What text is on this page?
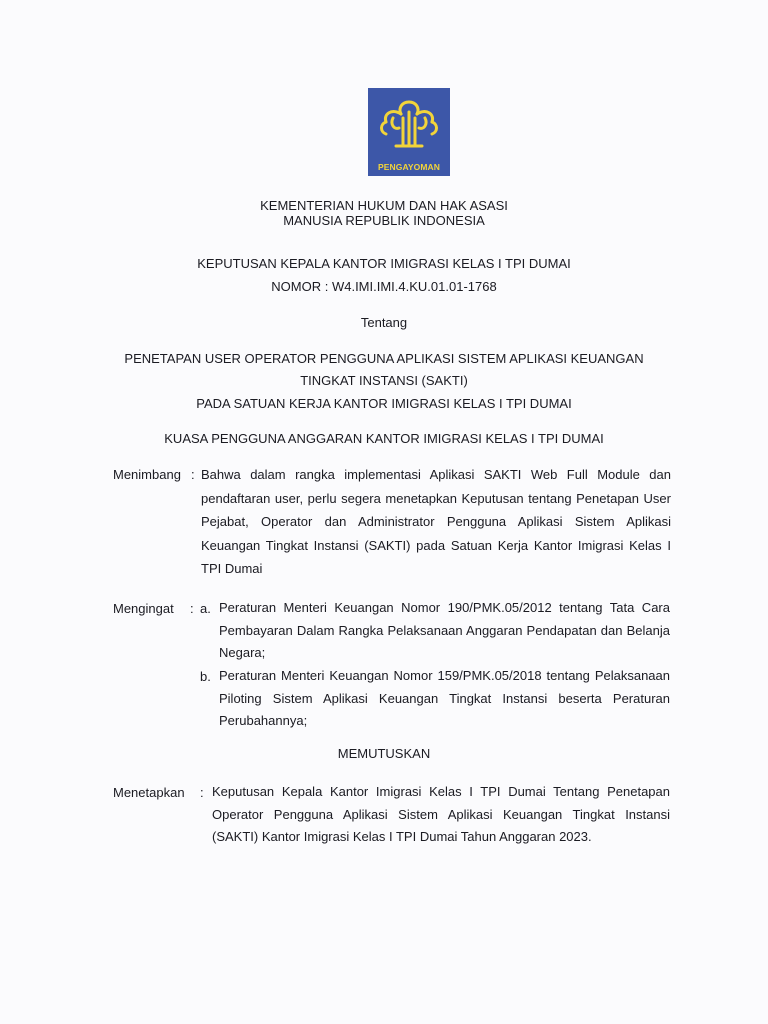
PENGAYOMAN
KEMENTERIAN HUKUM DAN HAK ASASI
MANUSIA REPUBLIK INDONESIA
KEPUTUSAN KEPALA KANTOR IMIGRASI KELAS I TPI DUMAI
NOMOR : W4.IMI.IMI.4.KU.01.01-1768
Tentang
PENETAPAN USER OPERATOR PENGGUNA APLIKASI SISTEM APLIKASI KEUANGAN
TINGKAT INSTANSI (SAKTI)
PADA SATUAN KERJA KANTOR IMIGRASI KELAS I TPI DUMAI
KUASA PENGGUNA ANGGARAN KANTOR IMIGRASI KELAS I TPI DUMAI
Menimbang : Bahwa dalam rangka implementasi Aplikasi SAKTI Web Full Module dan pendaftaran user, perlu segera menetapkan Keputusan tentang Penetapan User Pejabat, Operator dan Administrator Pengguna Aplikasi Sistem Aplikasi Keuangan Tingkat Instansi (SAKTI) pada Satuan Kerja Kantor Imigrasi Kelas I TPI Dumai
Mengingat : a. Peraturan Menteri Keuangan Nomor 190/PMK.05/2012 tentang Tata Cara Pembayaran Dalam Rangka Pelaksanaan Anggaran Pendapatan dan Belanja Negara;
b. Peraturan Menteri Keuangan Nomor 159/PMK.05/2018 tentang Pelaksanaan Piloting Sistem Aplikasi Keuangan Tingkat Instansi beserta Peraturan Perubahannya;
MEMUTUSKAN
Menetapkan : Keputusan Kepala Kantor Imigrasi Kelas I TPI Dumai Tentang Penetapan Operator Pengguna Aplikasi Sistem Aplikasi Keuangan Tingkat Instansi (SAKTI) Kantor Imigrasi Kelas I TPI Dumai Tahun Anggaran 2023.
